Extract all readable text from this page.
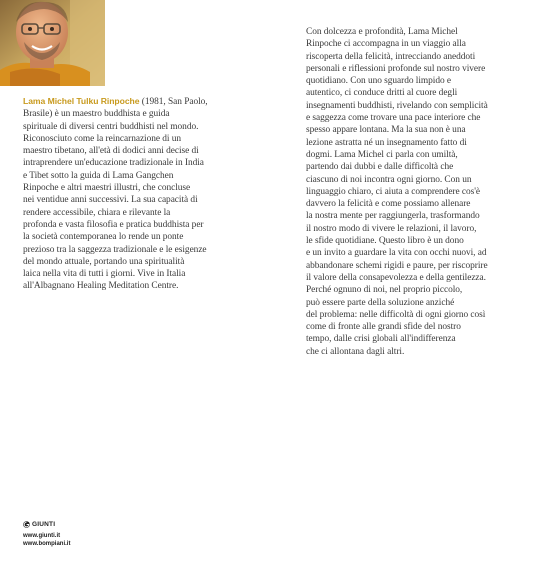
Lama Michel Tulku Rinpoche (1981, San Paolo,
Brasile) è un maestro buddhista e guida
spirituale di diversi centri buddhisti nel mondo.
Riconosciuto come la reincarnazione di un
maestro tibetano, all'età di dodici anni decise di
intraprendere un'educazione tradizionale in India
e Tibet sotto la guida di Lama Gangchen
Rinpoche e altri maestri illustri, che concluse
nei ventidue anni successivi. La sua capacità di
rendere accessibile, chiara e rilevante la
profonda e vasta filosofia e pratica buddhista per
la società contemporanea lo rende un ponte
prezioso tra la saggezza tradizionale e le esigenze
del mondo attuale, portando una spiritualità
laica nella vita di tutti i giorni. Vive in Italia
all'Albagnano Healing Meditation Centre.
Con dolcezza e profondità, Lama Michel
Rinpoche ci accompagna in un viaggio alla
riscoperta della felicità, intrecciando aneddoti
personali e riflessioni profonde sul nostro vivere
quotidiano. Con uno sguardo limpido e
autentico, ci conduce dritti al cuore degli
insegnamenti buddhisti, rivelando con semplicità
e saggezza come trovare una pace interiore che
spesso appare lontana. Ma la sua non è una
lezione astratta né un insegnamento fatto di
dogmi. Lama Michel ci parla con umiltà,
partendo dai dubbi e dalle difficoltà che
ciascuno di noi incontra ogni giorno. Con un
linguaggio chiaro, ci aiuta a comprendere cos'è
davvero la felicità e come possiamo allenare
la nostra mente per raggiungerla, trasformando
il nostro modo di vivere le relazioni, il lavoro,
le sfide quotidiane. Questo libro è un dono
e un invito a guardare la vita con occhi nuovi, ad
abbandonare schemi rigidi e paure, per riscoprire
il valore della consapevolezza e della gentilezza.
Perché ognuno di noi, nel proprio piccolo,
può essere parte della soluzione anziché
del problema: nelle difficoltà di ogni giorno così
come di fronte alle grandi sfide del nostro
tempo, dalle crisi globali all'indifferenza
che ci allontana dagli altri.
GIUNTI
www.giunti.it
www.bompiani.it
